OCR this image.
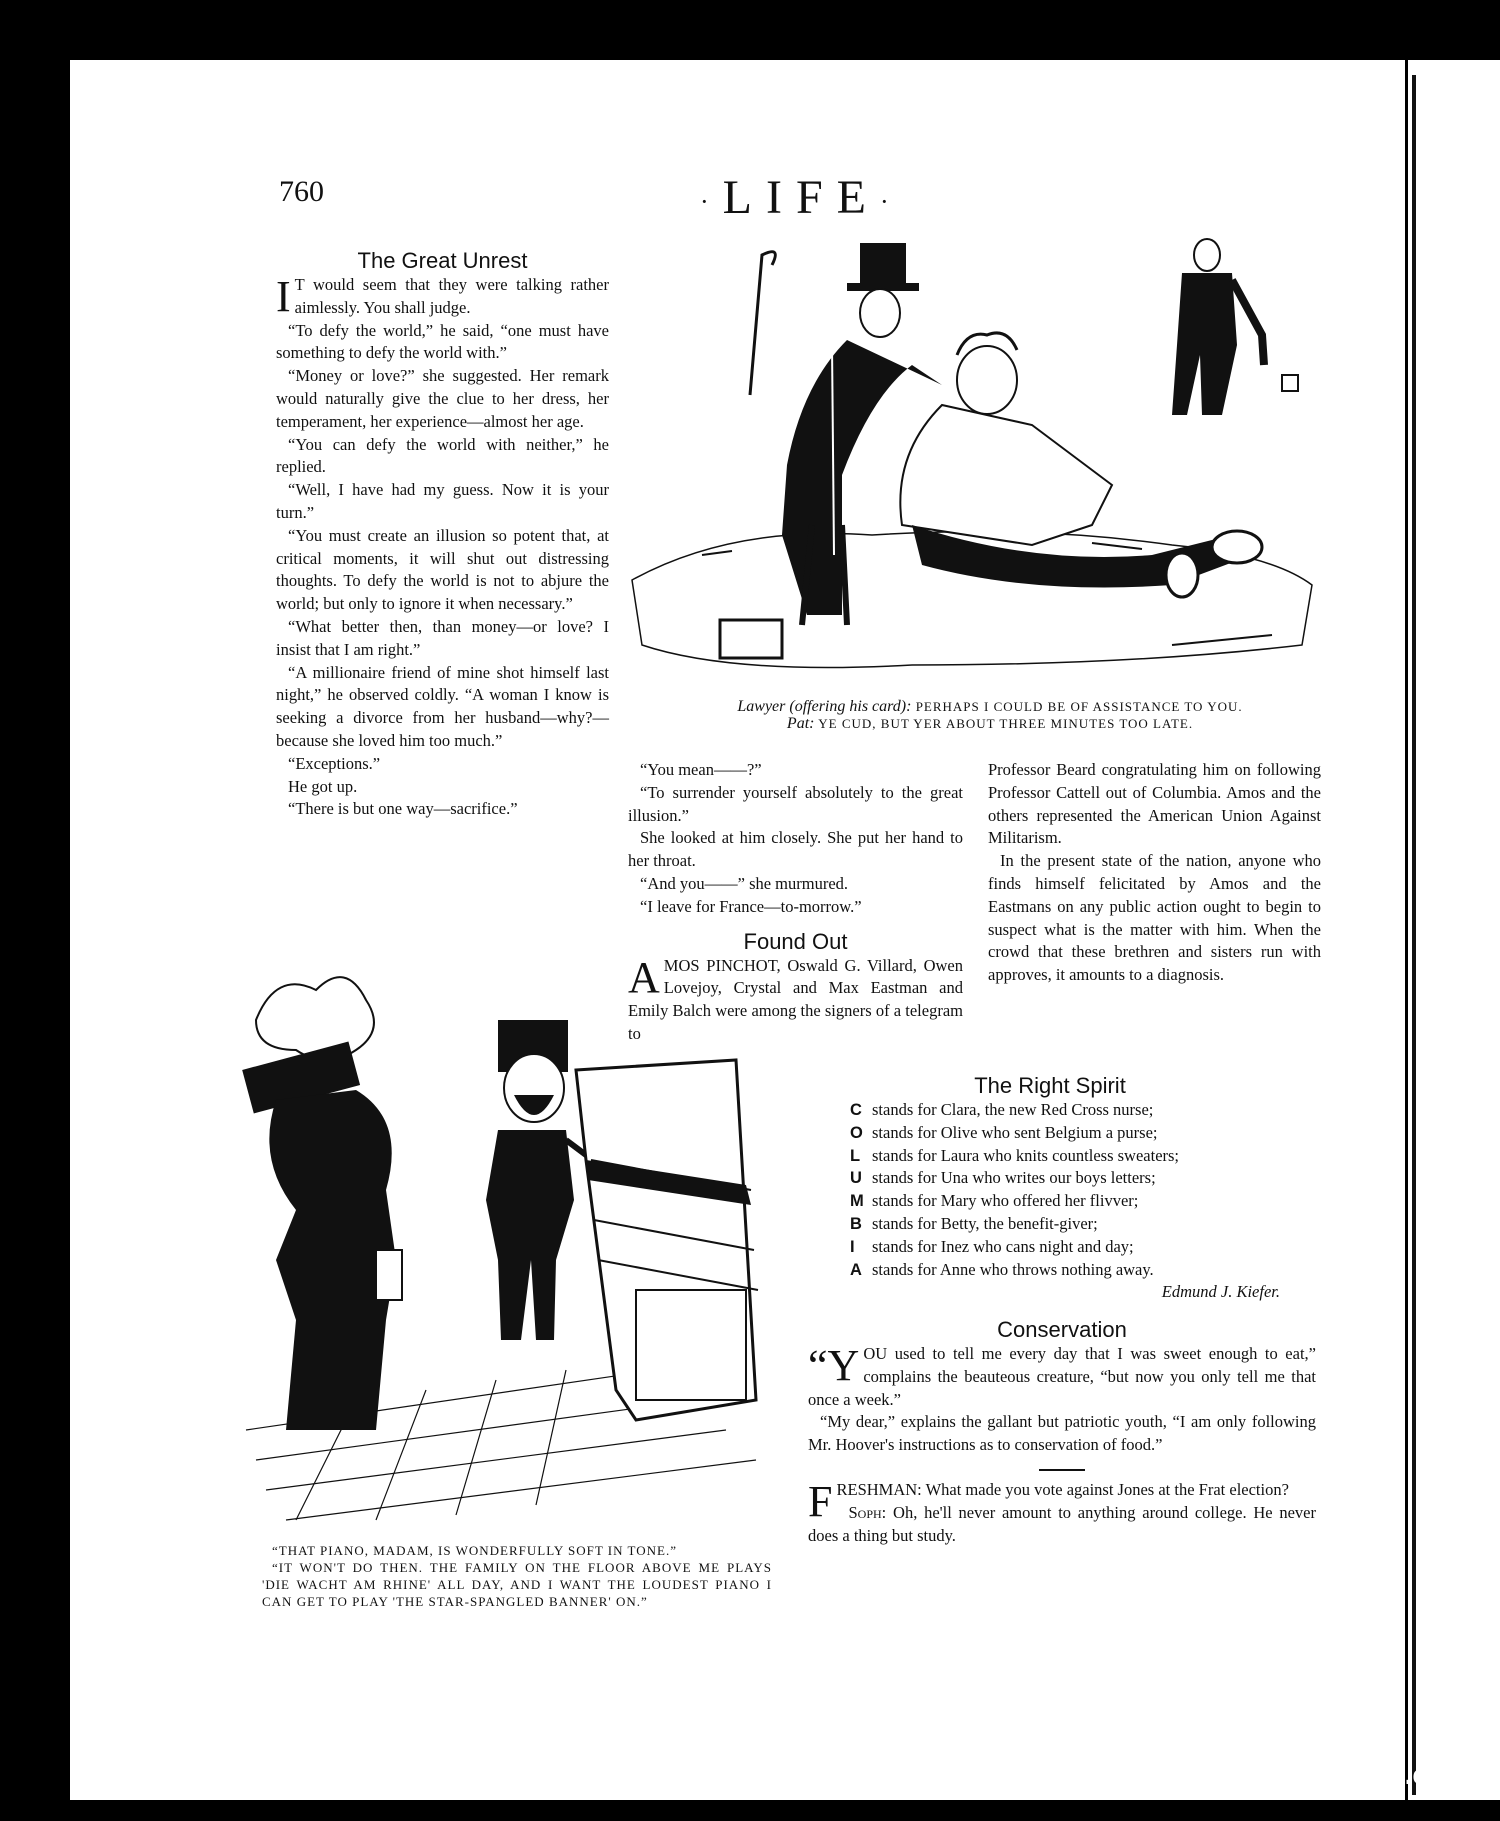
760	·LIFE·
The Great Unrest

I T would seem that they were talking rather aimlessly. You shall judge.

“To defy the world,” he said, “one must have something to defy the world with.”

“Money or love?” she suggested. Her remark would naturally give the clue to her dress, her temperament, her experience—almost her age.

“You can defy the world with neither,” he replied.

“Well, I have had my guess. Now it is your turn.”

“You must create an illusion so potent that, at critical moments, it will shut out distressing thoughts. To defy the world is not to abjure the world; but only to ignore it when necessary.”

“What better then, than money—or love? I insist that I am right.”

“A millionaire friend of mine shot himself last night,” he observed coldly. “A woman I know is seeking a divorce from her husband—why?—because she loved him too much.”

“Exceptions.”

He got up.

“There is but one way—sacrifice.”

Lawyer (offering his card): PERHAPS I COULD BE OF ASSISTANCE TO YOU.
Pat: YE CUD, BUT YER ABOUT THREE MINUTES TOO LATE.

“You mean——?”

“To surrender yourself absolutely to the great illusion.”

She looked at him closely. She put her hand to her throat.

“And you——” she murmured.

“I leave for France—to-morrow.”

Found Out

AMOS PINCHOT, Oswald G. Villard, Owen Lovejoy, Crystal and Max Eastman and Emily Balch were among the signers of a telegram to

Professor Beard congratulating him on following Professor Cattell out of Columbia. Amos and the others represented the American Union Against Militarism.

In the present state of the nation, anyone who finds himself felicitated by Amos and the Eastmans on any public action ought to begin to suspect what is the matter with him. When the crowd that these brethren and sisters run with approves, it amounts to a diagnosis.

The Right Spirit
C stands for Clara, the new Red Cross nurse;
O stands for Olive who sent Belgium a purse;
L stands for Laura who knits countless sweaters;
U stands for Una who writes our boys letters;
M stands for Mary who offered her flivver;
B stands for Betty, the benefit-giver;
I stands for Inez who cans night and day;
A stands for Anne who throws nothing away.
Edmund J. Kiefer.
Conservation

“YOU used to tell me every day that I was sweet enough to eat,” complains the beauteous creature, “but now you only tell me that once a week.”

“My dear,” explains the gallant but patriotic youth, “I am only following Mr. Hoover's instructions as to conservation of food.”

FRESHMAN: What made you vote against Jones at the Frat election?

Soph: Oh, he'll never amount to anything around college. He never does a thing but study.

“THAT PIANO, MADAM, IS WONDERFULLY SOFT IN TONE.”
“IT WON'T DO THEN. THE FAMILY ON THE FLOOR ABOVE ME PLAYS 'DIE WACHT AM RHINE' ALL DAY, AND I WANT THE LOUDEST PIANO I CAN GET TO PLAY 'THE STAR-SPANGLED BANNER' ON.”
comicbooks.com
